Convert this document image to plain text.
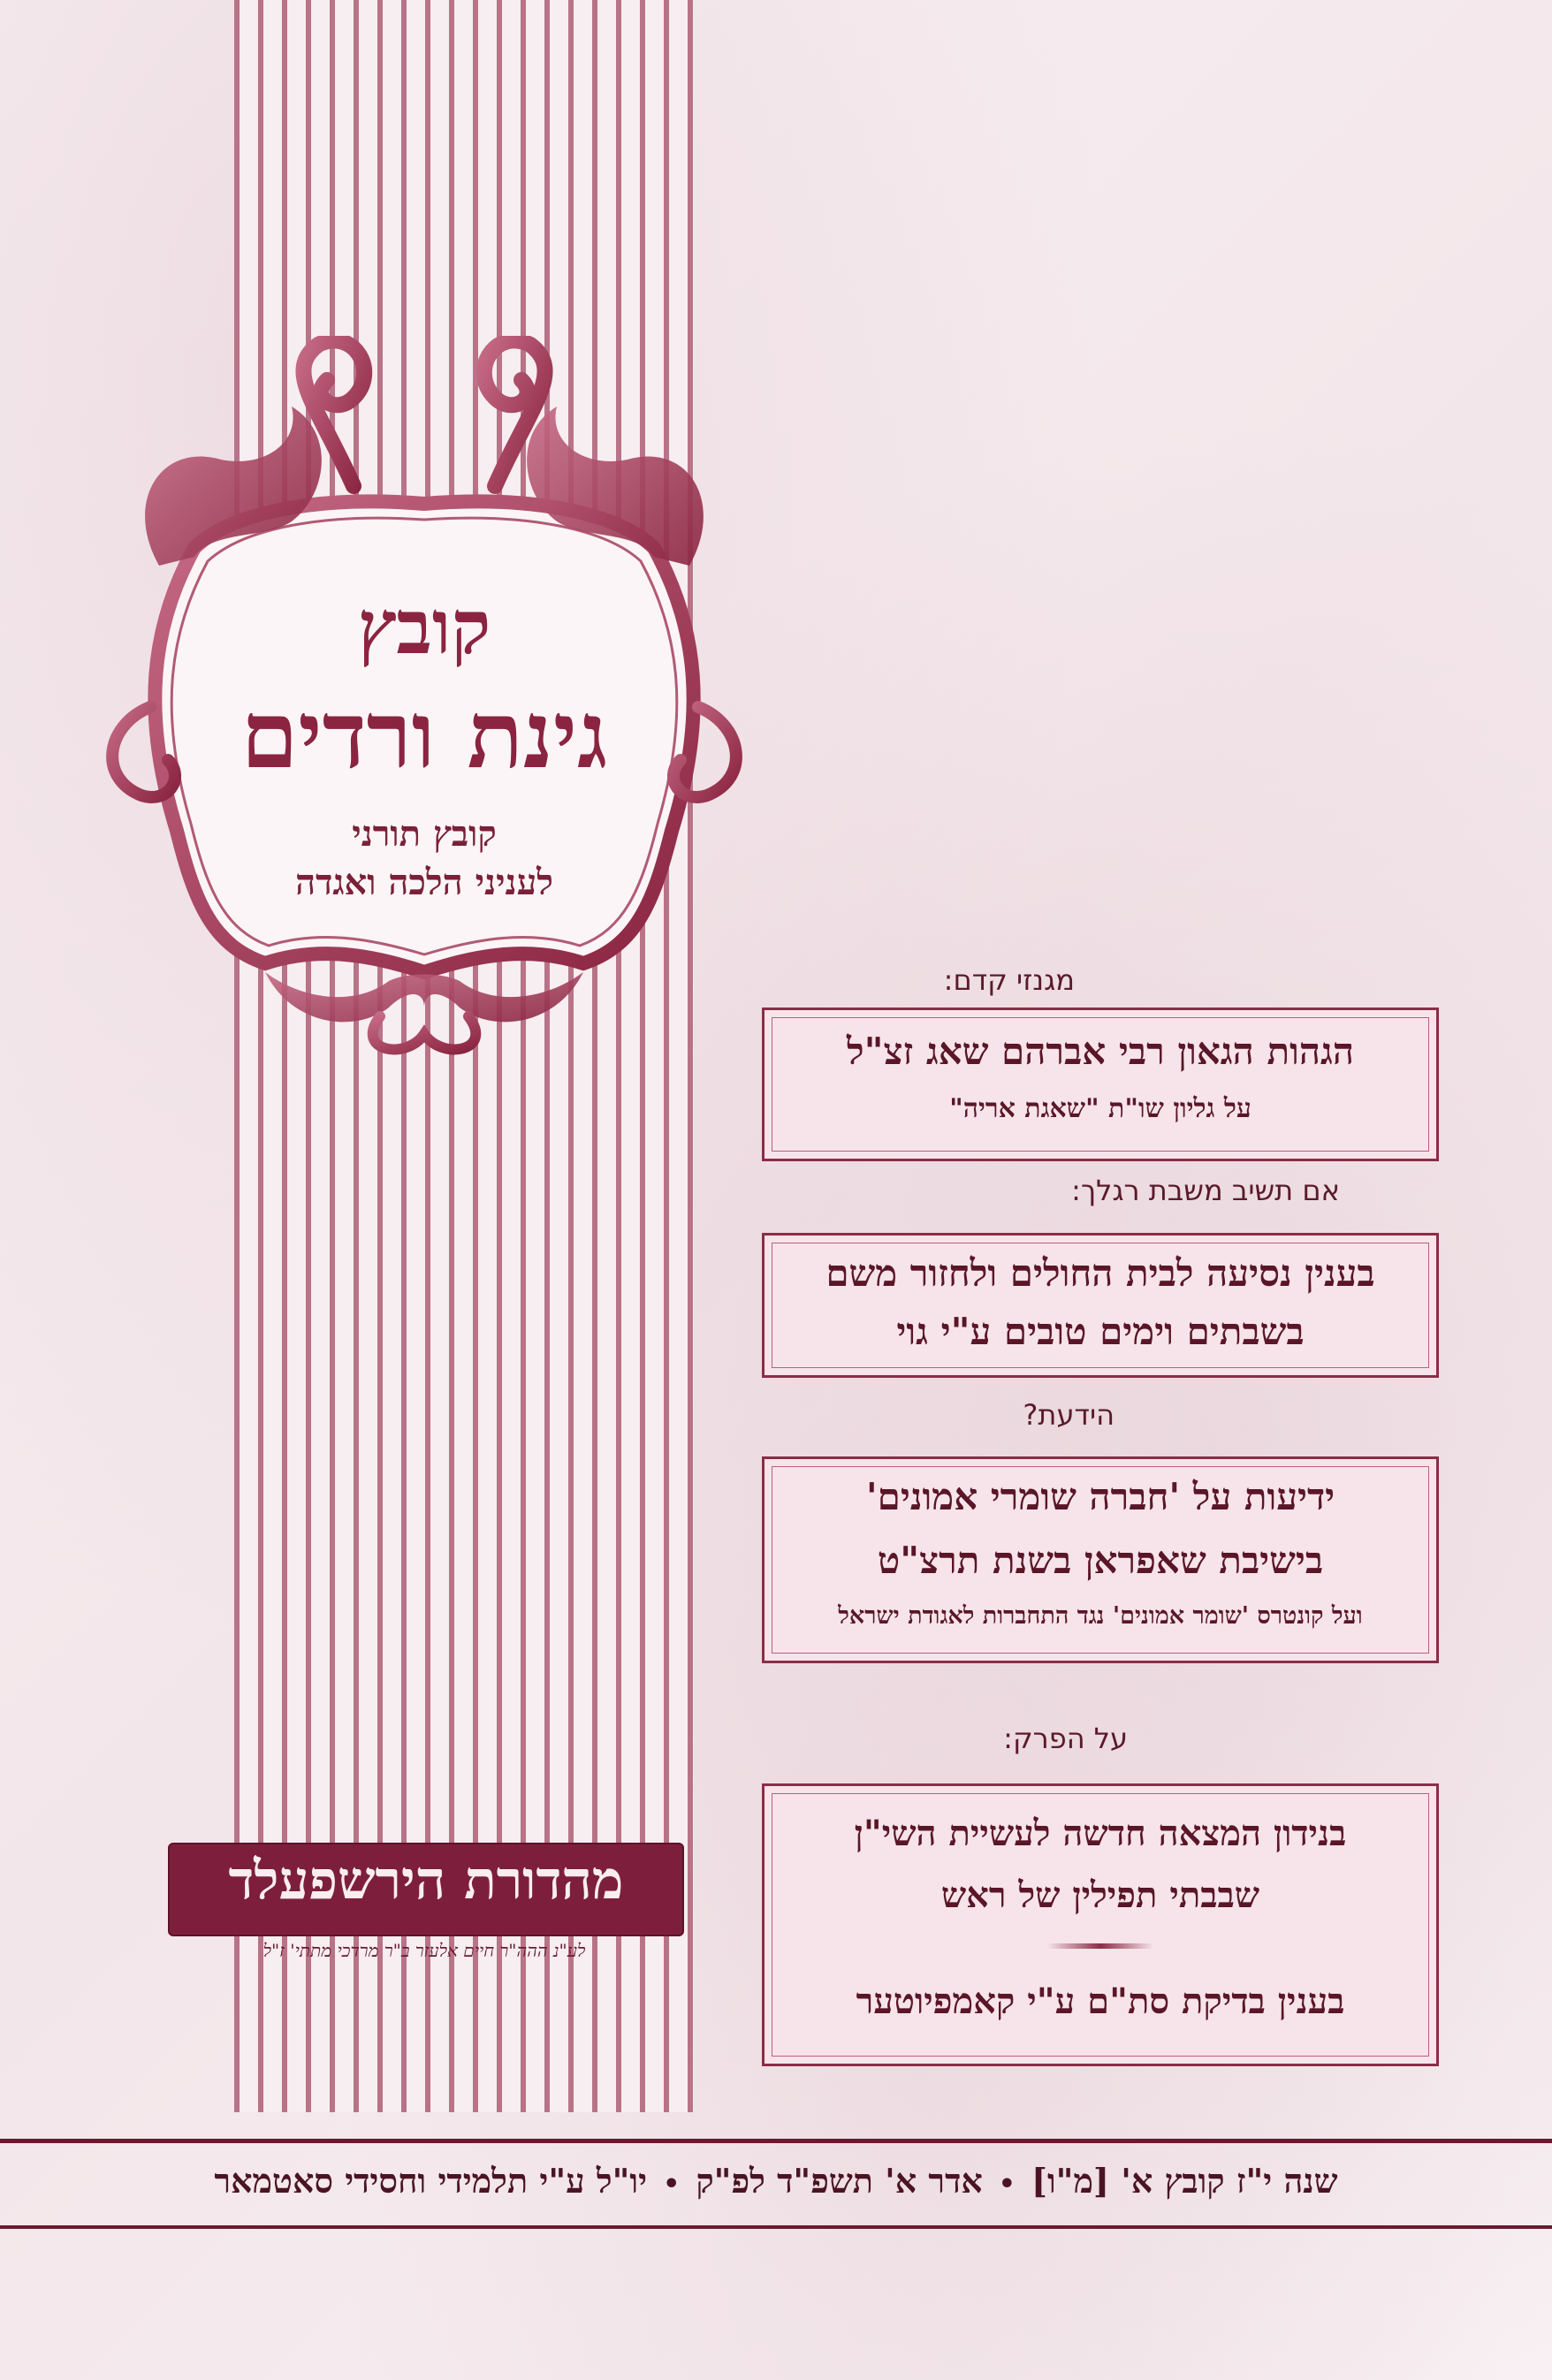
קובץ
גינת ורדים
קובץ תורני
לעניני הלכה ואגדה
מגנזי קדם:
הגהות הגאון רבי אברהם שאג זצ"ל
על גליון שו"ת "שאגת אריה"
אם תשיב משבת רגלך:
בענין נסיעה לבית החולים ולחזור משם
בשבתים וימים טובים ע"י גוי
הידעת?
ידיעות על 'חברה שומרי אמונים'
בישיבת שאפראן בשנת תרצ"ט
ועל קונטרס 'שומר אמונים' נגד התחברות לאגודת ישראל
על הפרק:
בנידון המצאה חדשה לעשיית השי"ן
שבבתי תפילין של ראש
בענין בדיקת סת"ם ע"י קאמפיוטער
מהדורת הירשפעלד
לע"נ ההה"ר חיים אלעזר ב"ר מרדכי מתתי' ז"ל
שנה י"ז קובץ א' [מ"ו]•אדר א' תשפ"ד לפ"ק•יו"ל ע"י תלמידי וחסידי סאטמאר
